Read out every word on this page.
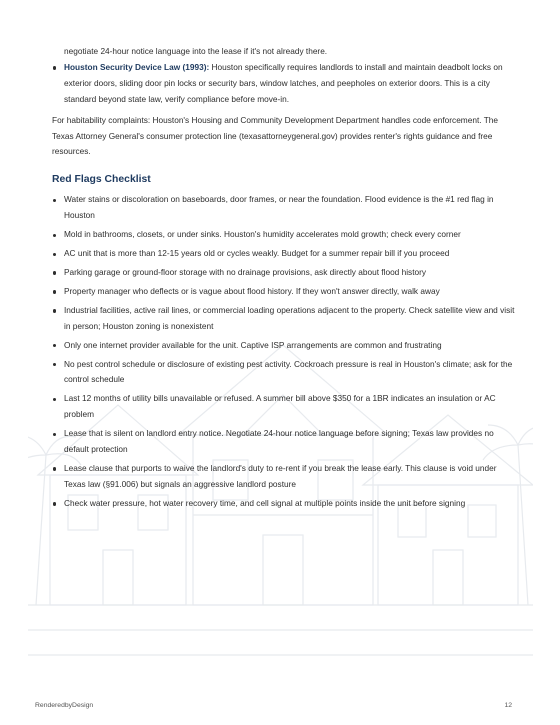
negotiate 24-hour notice language into the lease if it's not already there.
Houston Security Device Law (1993): Houston specifically requires landlords to install and maintain deadbolt locks on exterior doors, sliding door pin locks or security bars, window latches, and peepholes on exterior doors. This is a city standard beyond state law, verify compliance before move-in.

For habitability complaints: Houston's Housing and Community Development Department handles code enforcement. The Texas Attorney General's consumer protection line (texasattorneygeneral.gov) provides renter's rights guidance and free resources.

Red Flags Checklist
Water stains or discoloration on baseboards, door frames, or near the foundation. Flood evidence is the #1 red flag in Houston
Mold in bathrooms, closets, or under sinks. Houston's humidity accelerates mold growth; check every corner
AC unit that is more than 12-15 years old or cycles weakly. Budget for a summer repair bill if you proceed
Parking garage or ground-floor storage with no drainage provisions, ask directly about flood history
Property manager who deflects or is vague about flood history. If they won't answer directly, walk away
Industrial facilities, active rail lines, or commercial loading operations adjacent to the property. Check satellite view and visit in person; Houston zoning is nonexistent
Only one internet provider available for the unit. Captive ISP arrangements are common and frustrating
No pest control schedule or disclosure of existing pest activity. Cockroach pressure is real in Houston's climate; ask for the control schedule
Last 12 months of utility bills unavailable or refused. A summer bill above $350 for a 1BR indicates an insulation or AC problem
Lease that is silent on landlord entry notice. Negotiate 24-hour notice language before signing; Texas law provides no default protection
Lease clause that purports to waive the landlord's duty to re-rent if you break the lease early. This clause is void under Texas law (§91.006) but signals an aggressive landlord posture
Check water pressure, hot water recovery time, and cell signal at multiple points inside the unit before signing
RenderedbyDesign	12
